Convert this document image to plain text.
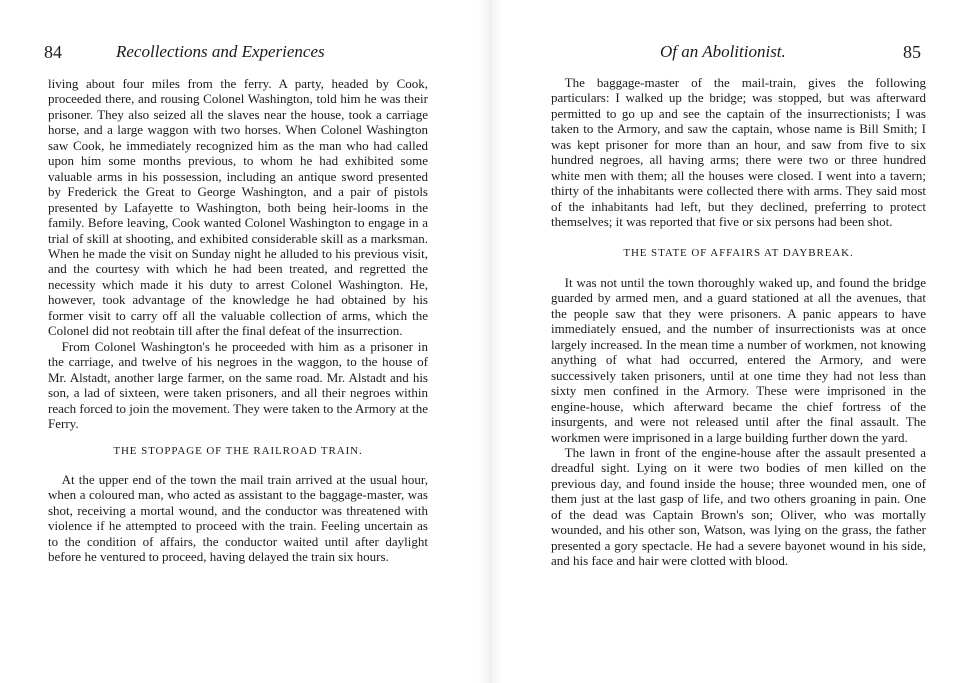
84	Recollections and Experiences

living about four miles from the ferry. A party, headed by Cook, proceeded there, and rousing Colonel Washington, told him he was their prisoner. They also seized all the slaves near the house, took a carriage horse, and a large waggon with two horses. When Colonel Washington saw Cook, he immediately recognized him as the man who had called upon him some months previous, to whom he had exhibited some valuable arms in his possession, including an antique sword presented by Frederick the Great to George Washington, and a pair of pistols presented by Lafayette to Washington, both being heir-looms in the family. Before leaving, Cook wanted Colonel Washington to engage in a trial of skill at shooting, and exhibited considerable skill as a marksman. When he made the visit on Sunday night he alluded to his previous visit, and the courtesy with which he had been treated, and regretted the necessity which made it his duty to arrest Colonel Washington. He, however, took advantage of the knowledge he had obtained by his former visit to carry off all the valuable collection of arms, which the Colonel did not reobtain till after the final defeat of the insurrection.

From Colonel Washington's he proceeded with him as a prisoner in the carriage, and twelve of his negroes in the waggon, to the house of Mr. Alstadt, another large farmer, on the same road. Mr. Alstadt and his son, a lad of sixteen, were taken prisoners, and all their negroes within reach forced to join the movement. They were taken to the Armory at the Ferry.

THE STOPPAGE OF THE RAILROAD TRAIN.

At the upper end of the town the mail train arrived at the usual hour, when a coloured man, who acted as assistant to the baggage-master, was shot, receiving a mortal wound, and the conductor was threatened with violence if he attempted to proceed with the train. Feeling uncertain as to the condition of affairs, the conductor waited until after daylight before he ventured to proceed, having delayed the train six hours.

Of an Abolitionist.	85

The baggage-master of the mail-train, gives the following particulars: I walked up the bridge; was stopped, but was afterward permitted to go up and see the captain of the insurrectionists; I was taken to the Armory, and saw the captain, whose name is Bill Smith; I was kept prisoner for more than an hour, and saw from five to six hundred negroes, all having arms; there were two or three hundred white men with them; all the houses were closed. I went into a tavern; thirty of the inhabitants were collected there with arms. They said most of the inhabitants had left, but they declined, preferring to protect themselves; it was reported that five or six persons had been shot.

THE STATE OF AFFAIRS AT DAYBREAK.

It was not until the town thoroughly waked up, and found the bridge guarded by armed men, and a guard stationed at all the avenues, that the people saw that they were prisoners. A panic appears to have immediately ensued, and the number of insurrectionists was at once largely increased. In the mean time a number of workmen, not knowing anything of what had occurred, entered the Armory, and were successively taken prisoners, until at one time they had not less than sixty men confined in the Armory. These were imprisoned in the engine-house, which afterward became the chief fortress of the insurgents, and were not released until after the final assault. The workmen were imprisoned in a large building further down the yard.

The lawn in front of the engine-house after the assault presented a dreadful sight. Lying on it were two bodies of men killed on the previous day, and found inside the house; three wounded men, one of them just at the last gasp of life, and two others groaning in pain. One of the dead was Captain Brown's son; Oliver, who was mortally wounded, and his other son, Watson, was lying on the grass, the father presented a gory spectacle. He had a severe bayonet wound in his side, and his face and hair were clotted with blood.
